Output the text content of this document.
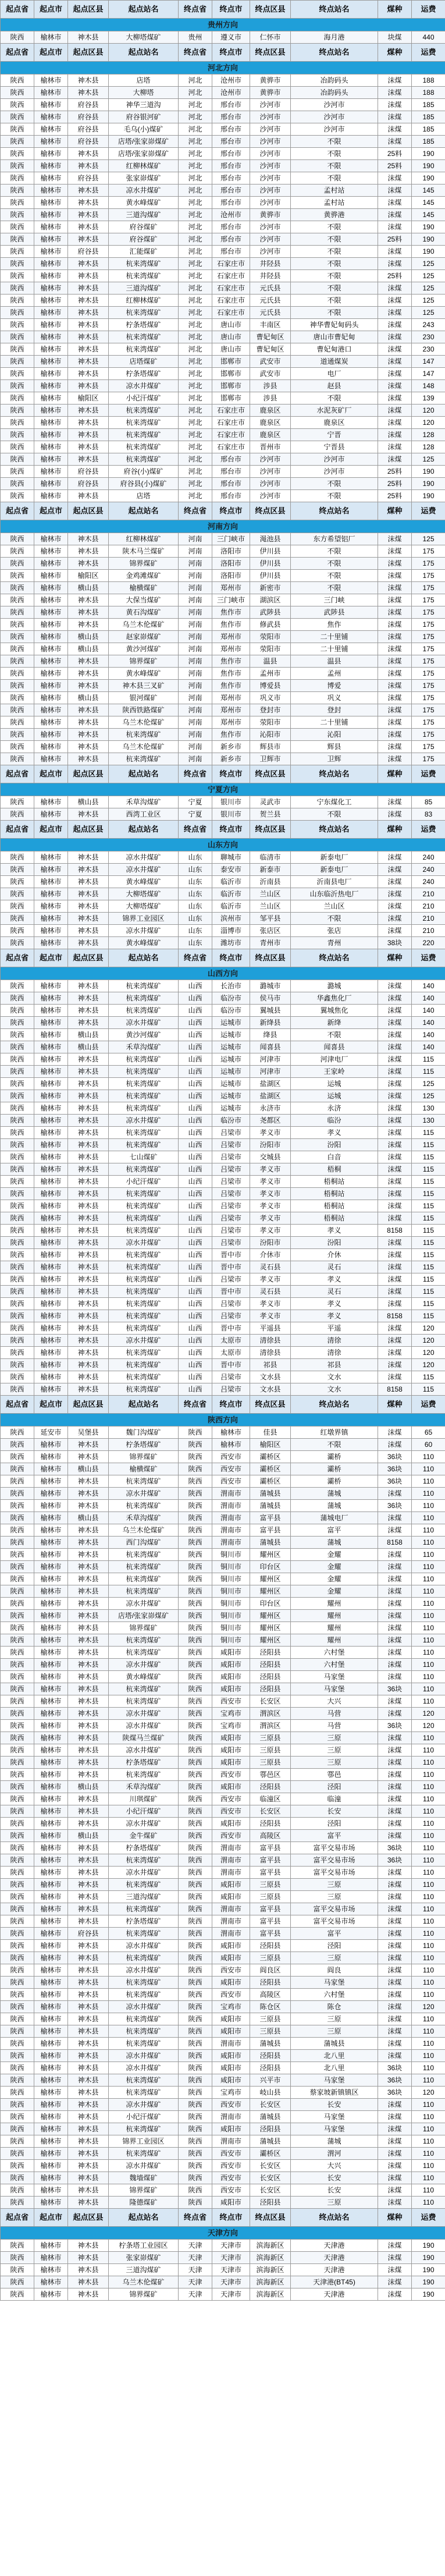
起点省	起点市	起点区县	起点站名	终点省	终点市	终点区县	终点站名	煤种	运费
贵州方向									
陕西	榆林市	神木县	大柳塔煤矿	贵州	遵义市	仁怀市	海月港	块煤	440
起点省	起点市	起点区县	起点站名	终点省	终点市	终点区县	终点站名	煤种	运费
河北方向									
陕西	榆林市	神木县	店塔	河北	沧州市	黄骅市	冶韵码头	沫煤	188
陕西	榆林市	神木县	大柳塔	河北	沧州市	黄骅市	冶韵码头	沫煤	188
陕西	榆林市	府谷县	神华三道沟	河北	邢台市	沙河市	沙河市	沫煤	185
陕西	榆林市	府谷县	府谷银河矿	河北	邢台市	沙河市	沙河市	沫煤	185
陕西	榆林市	府谷县	毛乌(小)煤矿	河北	邢台市	沙河市	沙河市	沫煤	185
陕西	榆林市	府谷县	店塔/张家峁煤矿	河北	邢台市	沙河市	不限	沫煤	185
陕西	榆林市	神木县	店塔/张家峁煤矿	河北	邢台市	沙河市	不限	25料	190
陕西	榆林市	神木县	红柳林煤矿	河北	邢台市	沙河市	不限	25料	190
陕西	榆林市	府谷县	张家峁煤矿	河北	邢台市	沙河市	不限	沫煤	190
陕西	榆林市	神木县	凉水井煤矿	河北	邢台市	沙河市	孟村站	沫煤	145
陕西	榆林市	神木县	黄水峰煤矿	河北	邢台市	沙河市	孟村站	沫煤	145
陕西	榆林市	神木县	三道沟煤矿	河北	沧州市	黄骅市	黄骅港	沫煤	145
陕西	榆林市	神木县	府谷煤矿	河北	邢台市	沙河市	不限	沫煤	190
陕西	榆林市	神木县	府谷煤矿	河北	邢台市	沙河市	不限	25料	190
陕西	榆林市	府谷县	汇能煤矿	河北	邢台市	沙河市	不限	沫煤	190
陕西	榆林市	神木县	杭来湾煤矿	河北	石家庄市	井陉县	不限	沫煤	125
陕西	榆林市	神木县	杭来湾煤矿	河北	石家庄市	井陉县	不限	25料	125
陕西	榆林市	神木县	三道沟煤矿	河北	石家庄市	元氏县	不限	沫煤	125
陕西	榆林市	神木县	红柳林煤矿	河北	石家庄市	元氏县	不限	沫煤	125
陕西	榆林市	神木县	杭来湾煤矿	河北	石家庄市	元氏县	不限	沫煤	125
陕西	榆林市	神木县	柠条塔煤矿	河北	唐山市	丰南区	神华曹妃甸码头	沫煤	243
陕西	榆林市	神木县	杭来湾煤矿	河北	唐山市	曹妃甸区	唐山市曹妃甸	沫煤	230
陕西	榆林市	神木县	杭来湾煤矿	河北	唐山市	曹妃甸区	曹妃甸港口	沫煤	230
陕西	榆林市	神木县	店塔煤矿	河北	邯郸市	武安市	道通煤炭	沫煤	147
陕西	榆林市	神木县	柠条塔煤矿	河北	邯郸市	武安市	电厂	沫煤	147
陕西	榆林市	神木县	凉水井煤矿	河北	邯郸市	涉县	赵县	沫煤	148
陕西	榆林市	榆阳区	小纪汗煤矿	河北	邯郸市	涉县	不限	沫煤	139
陕西	榆林市	神木县	杭来湾煤矿	河北	石家庄市	鹿泉区	水泥灰矿厂	沫煤	120
陕西	榆林市	神木县	杭来湾煤矿	河北	石家庄市	鹿泉区	鹿泉区	沫煤	120
陕西	榆林市	神木县	杭来湾煤矿	河北	石家庄市	鹿泉区	宁晋	沫煤	128
陕西	榆林市	神木县	杭来湾煤矿	河北	石家庄市	晋州市	宁晋县	沫煤	128
陕西	榆林市	神木县	杭来湾煤矿	河北	邢台市	沙河市	沙河市	沫煤	125
陕西	榆林市	府谷县	府谷(小)煤矿	河北	邢台市	沙河市	沙河市	25料	190
陕西	榆林市	府谷县	府谷县(小)煤矿	河北	邢台市	沙河市	不限	25料	190
陕西	榆林市	神木县	店塔	河北	邢台市	沙河市	不限	25料	190
起点省	起点市	起点区县	起点站名	终点省	终点市	终点区县	终点站名	煤种	运费
河南方向									
陕西	榆林市	神木县	红柳林煤矿	河南	三门峡市	渑池县	东方希望铝厂	沫煤	125
陕西	榆林市	神木县	陕木马兰煤矿	河南	洛阳市	伊川县	不限	沫煤	175
陕西	榆林市	神木县	锦界煤矿	河南	洛阳市	伊川县	不限	沫煤	175
陕西	榆林市	榆阳区	金鸡滩煤矿	河南	洛阳市	伊川县	不限	沫煤	175
陕西	榆林市	横山县	榆横煤矿	河南	郑州市	新密市	不限	沫煤	175
陕西	榆林市	神木县	大保当煤矿	河南	三门峡市	湖滨区	三门峡	沫煤	175
陕西	榆林市	神木县	黄石沟煤矿	河南	焦作市	武陟县	武陟县	沫煤	175
陕西	榆林市	神木县	乌兰木伦煤矿	河南	焦作市	修武县	焦作	沫煤	175
陕西	榆林市	横山县	赵家峁煤矿	河南	郑州市	荥阳市	二十里铺	沫煤	175
陕西	榆林市	横山县	黄沙河煤矿	河南	郑州市	荥阳市	二十里铺	沫煤	175
陕西	榆林市	神木县	锦界煤矿	河南	焦作市	温县	温县	沫煤	175
陕西	榆林市	神木县	黄水峰煤矿	河南	焦作市	孟州市	孟州	沫煤	175
陕西	榆林市	神木县	神木县三叉矿	河南	焦作市	博爱县	博爱	沫煤	175
陕西	榆林市	横山县	银河煤矿	河南	郑州市	巩义市	巩义	沫煤	175
陕西	榆林市	神木县	陕西铁路煤矿	河南	郑州市	登封市	登封	沫煤	175
陕西	榆林市	神木县	乌兰木伦煤矿	河南	郑州市	荥阳市	二十里铺	沫煤	175
陕西	榆林市	神木县	杭来湾煤矿	河南	焦作市	沁阳市	沁阳	沫煤	175
陕西	榆林市	神木县	乌兰木伦煤矿	河南	新乡市	辉县市	辉县	沫煤	175
陕西	榆林市	神木县	杭来湾煤矿	河南	新乡市	卫辉市	卫辉	沫煤	175
起点省	起点市	起点区县	起点站名	终点省	终点市	终点区县	终点站名	煤种	运费
宁夏方向									
陕西	榆林市	横山县	禾草沟煤矿	宁夏	银川市	灵武市	宁东煤化工	沫煤	85
陕西	榆林市	神木县	西湾工业区	宁夏	银川市	贺兰县	不限	沫煤	83
起点省	起点市	起点区县	起点站名	终点省	终点市	终点区县	终点站名	煤种	运费
山东方向									
陕西	榆林市	神木县	凉水井煤矿	山东	聊城市	临清市	新泰电厂	沫煤	240
陕西	榆林市	神木县	凉水井煤矿	山东	泰安市	新泰市	新泰电厂	沫煤	240
陕西	榆林市	神木县	黄水峰煤矿	山东	临沂市	沂南县	沂南县电厂	沫煤	240
陕西	榆林市	神木县	大柳塔煤矿	山东	临沂市	兰山区	山东临沂热电厂	沫煤	210
陕西	榆林市	神木县	大柳塔煤矿	山东	临沂市	兰山区	兰山区	沫煤	210
陕西	榆林市	神木县	锦界工业园区	山东	滨州市	邹平县	不限	沫煤	210
陕西	榆林市	神木县	凉水井煤矿	山东	淄博市	张店区	张店	沫煤	210
陕西	榆林市	神木县	黄水峰煤矿	山东	潍坊市	青州市	青州	38块	220
起点省	起点市	起点区县	起点站名	终点省	终点市	终点区县	终点站名	煤种	运费
山西方向									
陕西	榆林市	神木县	杭来湾煤矿	山西	长治市	潞城市	潞城	沫煤	140
陕西	榆林市	神木县	杭来湾煤矿	山西	临汾市	侯马市	华鑫焦化厂	沫煤	140
陕西	榆林市	神木县	杭来湾煤矿	山西	临汾市	翼城县	翼城焦化	沫煤	140
陕西	榆林市	神木县	凉水井煤矿	山西	运城市	新绛县	新绛	沫煤	140
陕西	榆林市	横山县	黄沙河煤矿	山西	运城市	绛县	不限	沫煤	140
陕西	榆林市	横山县	禾草沟煤矿	山西	运城市	闻喜县	闻喜县	沫煤	140
陕西	榆林市	神木县	杭来湾煤矿	山西	运城市	河津市	河津电厂	沫煤	115
陕西	榆林市	神木县	杭来湾煤矿	山西	运城市	河津市	王家岭	沫煤	115
陕西	榆林市	神木县	杭来湾煤矿	山西	运城市	盐湖区	运城	沫煤	125
陕西	榆林市	神木县	杭来湾煤矿	山西	运城市	盐湖区	运城	沫煤	125
陕西	榆林市	神木县	杭来湾煤矿	山西	运城市	永济市	永济	沫煤	130
陕西	榆林市	神木县	凉水井煤矿	山西	临汾市	尧都区	临汾	沫煤	130
陕西	榆林市	神木县	杭来湾煤矿	山西	吕梁市	孝义市	孝义	沫煤	115
陕西	榆林市	神木县	杭来湾煤矿	山西	吕梁市	汾阳市	汾阳	沫煤	115
陕西	榆林市	神木县	七山煤矿	山西	吕梁市	交城县	白音	沫煤	115
陕西	榆林市	神木县	杭来湾煤矿	山西	吕梁市	孝义市	梧桐	沫煤	115
陕西	榆林市	神木县	小纪汗煤矿	山西	吕梁市	孝义市	梧桐站	沫煤	115
陕西	榆林市	神木县	杭来湾煤矿	山西	吕梁市	孝义市	梧桐站	沫煤	115
陕西	榆林市	神木县	杭来湾煤矿	山西	吕梁市	孝义市	梧桐站	沫煤	115
陕西	榆林市	神木县	杭来湾煤矿	山西	吕梁市	孝义市	梧桐站	沫煤	115
陕西	榆林市	神木县	杭来湾煤矿	山西	吕梁市	孝义市	孝义	8158	115
陕西	榆林市	神木县	凉水井煤矿	山西	吕梁市	汾阳市	汾阳	沫煤	115
陕西	榆林市	神木县	杭来湾煤矿	山西	晋中市	介休市	介休	沫煤	115
陕西	榆林市	神木县	杭来湾煤矿	山西	晋中市	灵石县	灵石	沫煤	115
陕西	榆林市	神木县	杭来湾煤矿	山西	吕梁市	孝义市	孝义	沫煤	115
陕西	榆林市	神木县	杭来湾煤矿	山西	晋中市	灵石县	灵石	沫煤	115
陕西	榆林市	神木县	杭来湾煤矿	山西	吕梁市	孝义市	孝义	沫煤	115
陕西	榆林市	神木县	杭来湾煤矿	山西	吕梁市	孝义市	孝义	8158	115
陕西	榆林市	神木县	杭来湾煤矿	山西	晋中市	平遥县	平遥	沫煤	120
陕西	榆林市	神木县	凉水井煤矿	山西	太原市	清徐县	清徐	沫煤	120
陕西	榆林市	神木县	杭来湾煤矿	山西	太原市	清徐县	清徐	沫煤	120
陕西	榆林市	神木县	杭来湾煤矿	山西	晋中市	祁县	祁县	沫煤	120
陕西	榆林市	神木县	杭来湾煤矿	山西	吕梁市	文水县	文水	沫煤	115
陕西	榆林市	神木县	杭来湾煤矿	山西	吕梁市	文水县	文水	8158	115
起点省	起点市	起点区县	起点站名	终点省	终点市	终点区县	终点站名	煤种	运费
陕西方向									
陕西	延安市	吴堡县	魏门沟煤矿	陕西	榆林市	佳县	红墩界镇	沫煤	65
陕西	榆林市	神木县	柠条塔煤矿	陕西	榆林市	榆阳区	不限	沫煤	60
陕西	榆林市	神木县	锦界煤矿	陕西	西安市	灞桥区	灞桥	36块	110
陕西	榆林市	横山县	榆横煤矿	陕西	西安市	灞桥区	灞桥	36块	110
陕西	榆林市	神木县	杭来湾煤矿	陕西	西安市	灞桥区	灞桥	36块	110
陕西	榆林市	神木县	凉水井煤矿	陕西	渭南市	蒲城县	蒲城	沫煤	110
陕西	榆林市	神木县	杭来湾煤矿	陕西	渭南市	蒲城县	蒲城	36块	110
陕西	榆林市	横山县	禾草沟煤矿	陕西	渭南市	富平县	蒲城电厂	沫煤	110
陕西	榆林市	神木县	乌兰木伦煤矿	陕西	渭南市	富平县	富平	沫煤	110
陕西	榆林市	神木县	西门沟煤矿	陕西	渭南市	蒲城县	蒲城	8158	110
陕西	榆林市	神木县	杭来湾煤矿	陕西	铜川市	耀州区	金耀	沫煤	110
陕西	榆林市	神木县	杭来湾煤矿	陕西	铜川市	印台区	金耀	沫煤	110
陕西	榆林市	神木县	杭来湾煤矿	陕西	铜川市	耀州区	金耀	沫煤	110
陕西	榆林市	神木县	杭来湾煤矿	陕西	铜川市	耀州区	金耀	沫煤	110
陕西	榆林市	神木县	凉水井煤矿	陕西	铜川市	印台区	耀州	沫煤	110
陕西	榆林市	神木县	店塔/张家峁煤矿	陕西	铜川市	耀州区	耀州	沫煤	110
陕西	榆林市	神木县	锦界煤矿	陕西	铜川市	耀州区	耀州	沫煤	110
陕西	榆林市	神木县	杭来湾煤矿	陕西	铜川市	耀州区	耀州	沫煤	110
陕西	榆林市	神木县	杭来湾煤矿	陕西	咸阳市	泾阳县	六村堡	沫煤	110
陕西	榆林市	神木县	凉水井煤矿	陕西	咸阳市	泾阳县	六村堡	沫煤	110
陕西	榆林市	神木县	黄水峰煤矿	陕西	咸阳市	泾阳县	马家堡	沫煤	110
陕西	榆林市	神木县	杭来湾煤矿	陕西	咸阳市	泾阳县	马家堡	36块	110
陕西	榆林市	神木县	杭来湾煤矿	陕西	西安市	长安区	大兴	沫煤	110
陕西	榆林市	神木县	凉水井煤矿	陕西	宝鸡市	渭滨区	马营	沫煤	120
陕西	榆林市	神木县	凉水井煤矿	陕西	宝鸡市	渭滨区	马营	36块	120
陕西	榆林市	神木县	陕煤马兰煤矿	陕西	咸阳市	三原县	三原	沫煤	110
陕西	榆林市	神木县	凉水井煤矿	陕西	咸阳市	三原县	三原	沫煤	110
陕西	榆林市	神木县	柠条塔煤矿	陕西	咸阳市	三原县	三原	沫煤	110
陕西	榆林市	神木县	杭来湾煤矿	陕西	西安市	鄠邑区	鄠邑	沫煤	110
陕西	榆林市	横山县	禾草沟煤矿	陕西	咸阳市	泾阳县	泾阳	沫煤	110
陕西	榆林市	神木县	川琪煤矿	陕西	西安市	临潼区	临潼	沫煤	110
陕西	榆林市	神木县	小纪汗煤矿	陕西	西安市	长安区	长安	沫煤	110
陕西	榆林市	神木县	凉水井煤矿	陕西	咸阳市	泾阳县	泾阳	沫煤	110
陕西	榆林市	横山县	金牛煤矿	陕西	西安市	高陵区	富平	沫煤	110
陕西	榆林市	神木县	柠条塔煤矿	陕西	渭南市	富平县	富平交易市场	36块	110
陕西	榆林市	神木县	杭来湾煤矿	陕西	渭南市	富平县	富平交易市场	36块	110
陕西	榆林市	神木县	凉水井煤矿	陕西	渭南市	富平县	富平交易市场	沫煤	110
陕西	榆林市	神木县	杭来湾煤矿	陕西	咸阳市	三原县	三原	沫煤	110
陕西	榆林市	神木县	三道沟煤矿	陕西	咸阳市	三原县	三原	沫煤	110
陕西	榆林市	神木县	杭来湾煤矿	陕西	渭南市	富平县	富平交易市场	沫煤	110
陕西	榆林市	神木县	柠条塔煤矿	陕西	渭南市	富平县	富平交易市场	沫煤	110
陕西	榆林市	府谷县	杭来湾煤矿	陕西	渭南市	富平县	富平	沫煤	110
陕西	榆林市	神木县	凉水井煤矿	陕西	咸阳市	泾阳县	泾阳	沫煤	110
陕西	榆林市	神木县	杭来湾煤矿	陕西	咸阳市	三原县	三原	沫煤	110
陕西	榆林市	神木县	凉水井煤矿	陕西	西安市	阎良区	阎良	沫煤	110
陕西	榆林市	神木县	杭来湾煤矿	陕西	咸阳市	泾阳县	马家堡	沫煤	110
陕西	榆林市	神木县	杭来湾煤矿	陕西	西安市	高陵区	六村堡	沫煤	110
陕西	榆林市	神木县	凉水井煤矿	陕西	宝鸡市	陈仓区	陈仓	沫煤	120
陕西	榆林市	神木县	杭来湾煤矿	陕西	咸阳市	三原县	三原	沫煤	110
陕西	榆林市	神木县	杭来湾煤矿	陕西	咸阳市	三原县	三原	沫煤	110
陕西	榆林市	神木县	杭来湾煤矿	陕西	渭南市	蒲城县	蒲城县	沫煤	110
陕西	榆林市	神木县	凉水井煤矿	陕西	咸阳市	泾阳县	北八里	沫煤	110
陕西	榆林市	神木县	凉水井煤矿	陕西	咸阳市	泾阳县	北八里	36块	110
陕西	榆林市	神木县	杭来湾煤矿	陕西	咸阳市	兴平市	马家堡	36块	110
陕西	榆林市	神木县	杭来湾煤矿	陕西	宝鸡市	岐山县	蔡家坡新镇镇区	36块	120
陕西	榆林市	神木县	凉水井煤矿	陕西	西安市	长安区	长安	沫煤	110
陕西	榆林市	神木县	小纪汗煤矿	陕西	渭南市	蒲城县	马家堡	沫煤	110
陕西	榆林市	神木县	杭来湾煤矿	陕西	咸阳市	泾阳县	马家堡	沫煤	110
陕西	榆林市	神木县	锦界工业园区	陕西	渭南市	蒲城县	蒲城	沫煤	110
陕西	榆林市	神木县	杭来湾煤矿	陕西	西安市	灞桥区	渭河	沫煤	110
陕西	榆林市	神木县	凉水井煤矿	陕西	西安市	长安区	大兴	沫煤	110
陕西	榆林市	神木县	魏墙煤矿	陕西	西安市	长安区	长安	沫煤	110
陕西	榆林市	神木县	锦界煤矿	陕西	西安市	长安区	长安	沫煤	110
陕西	榆林市	神木县	隆德煤矿	陕西	咸阳市	泾阳县	三原	沫煤	110
起点省	起点市	起点区县	起点站名	终点省	终点市	终点区县	终点站名	煤种	运费
天津方向									
陕西	榆林市	神木县	柠条塔工业园区	天津	天津市	滨海新区	天津港	沫煤	190
陕西	榆林市	神木县	张家峁煤矿	天津	天津市	滨海新区	天津港	沫煤	190
陕西	榆林市	神木县	三道沟煤矿	天津	天津市	滨海新区	天津港	沫煤	190
陕西	榆林市	神木县	乌兰木伦煤矿	天津	天津市	滨海新区	天津港(BT45)	沫煤	190
陕西	榆林市	神木县	锦界煤矿	天津	天津市	滨海新区	天津港	沫煤	190
